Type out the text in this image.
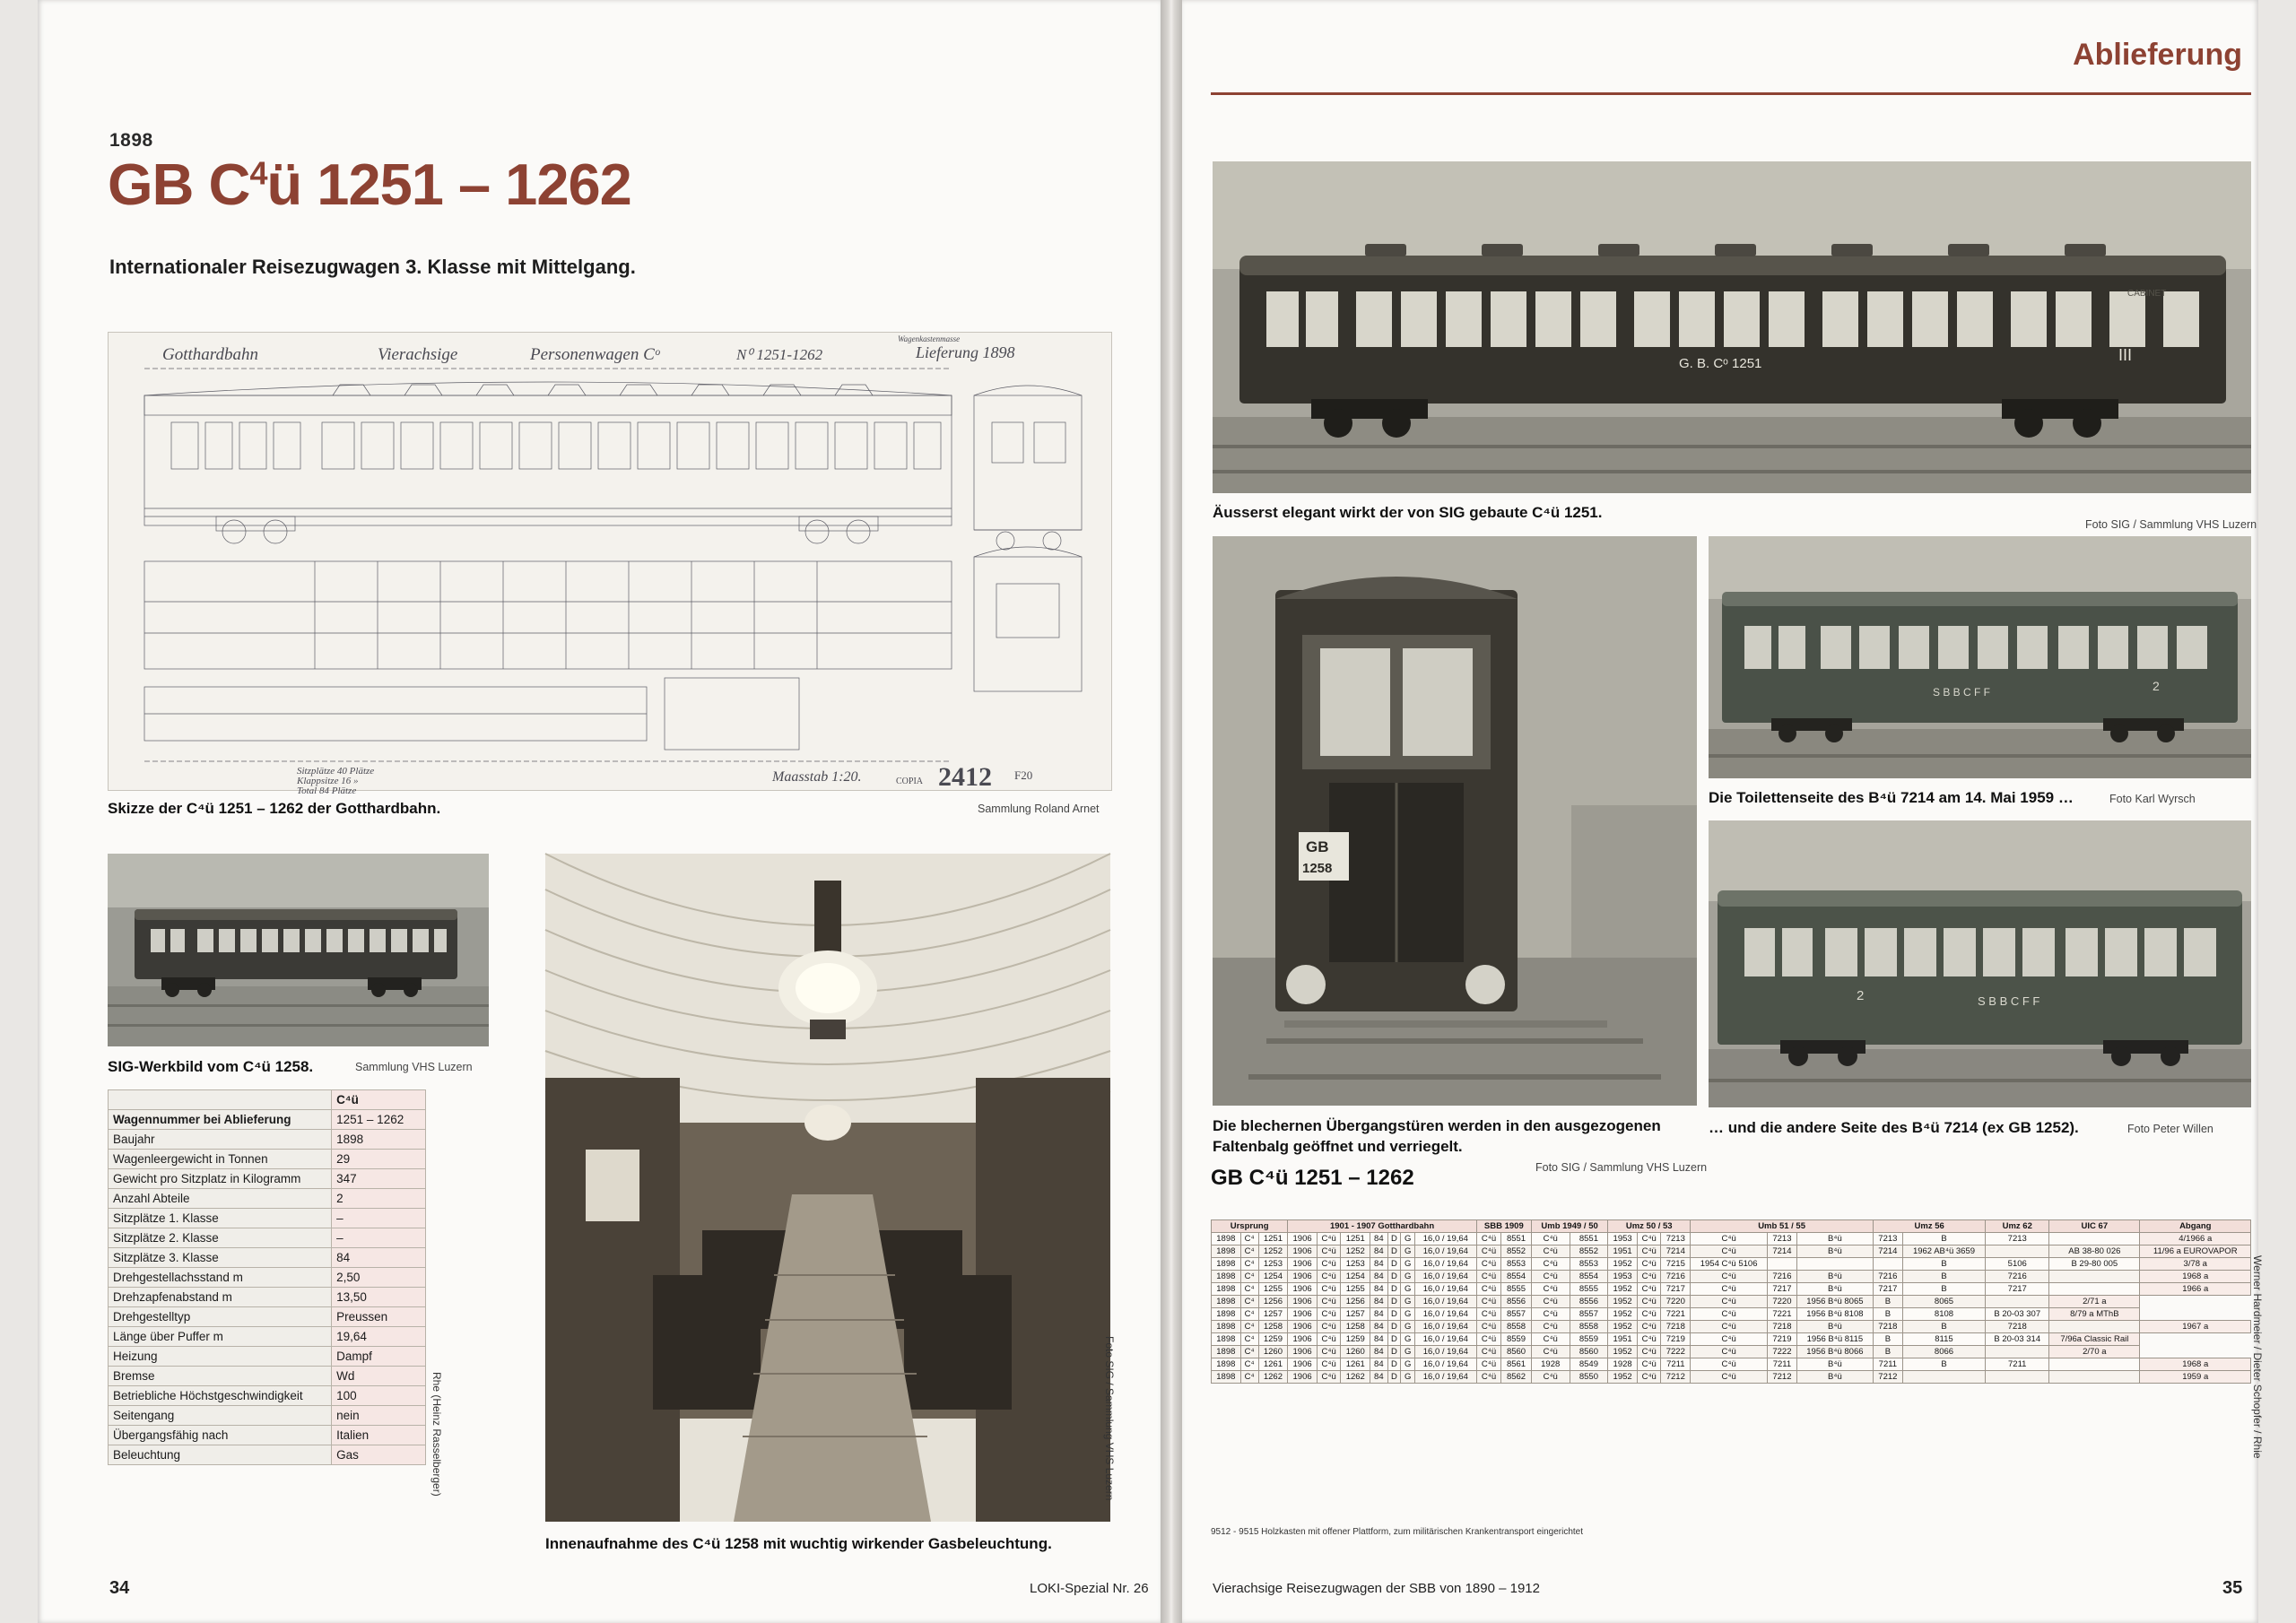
1898
GB $C^4ü$ 1251 – 1262
Internationaler Reisezugwagen 3. Klasse mit Mittelgang.
Gotthardbahn	Vierachsige	Personenwagen Cᵒ	N⁰ 1251-1262	Lieferung 1898
Wagenkastenmasse
Sitzplätze 40 Plätze
Klappsitze 16 »
Total 84 Plätze
Maasstab 1:20.	COPIA 2412 F20
Skizze der C⁴ü 1251 – 1262 der Gotthardbahn.	Sammlung Roland Arnet
SIG-Werkbild vom C⁴ü 1258.	Sammlung VHS Luzern
Innenaufnahme des C⁴ü 1258 mit wuchtig wirkender Gasbeleuchtung.
Foto SIG / Sammlung VHS Luzern
	C⁴ü
Wagennummer bei Ablieferung	1251 – 1262
Baujahr	1898
Wagenleergewicht in Tonnen	29
Gewicht pro Sitzplatz in Kilogramm	347
Anzahl Abteile	2
Sitzplätze 1. Klasse	–
Sitzplätze 2. Klasse	–
Sitzplätze 3. Klasse	84
Drehgestellachsstand m	2,50
Drehzapfenabstand m	13,50
Drehgestelltyp	Preussen
Länge über Puffer m	19,64
Heizung	Dampf
Bremse	Wd
Betriebliche Höchstgeschwindigkeit	100
Seitengang	nein
Übergangsfähig nach	Italien
Beleuchtung	Gas	Rhe (Heinz Rasselberger)
34	LOKI-Spezial Nr. 26
Ablieferung
G. B. Cᵒ 1251	III
CABINET
Äusserst elegant wirkt der von SIG gebaute C⁴ü 1251.
Foto SIG / Sammlung VHS Luzern
GB
1258
Die blechernen Übergangstüren werden in den ausgezogenen Faltenbalg geöffnet und verriegelt.
Foto SIG / Sammlung VHS Luzern
S B B C F F	2
Die Toilettenseite des B⁴ü 7214 am 14. Mai 1959 …	Foto Karl Wyrsch
S B B C F F
2
… und die andere Seite des B⁴ü 7214 (ex GB 1252).	Foto Peter Willen
GB C⁴ü 1251 – 1262
Ursprung			1901 - 1907 Gotthardbahn							SBB 1909		Umb 1949 / 50		Umz 50 / 53			Umb 51 / 55			Umz 56		Umz 62	UIC 67	Abgang
1898	C⁴	1251	1906	C⁴ü	1251	84	D	G	16,0 / 19,64	C⁴ü	8551	C⁴ü	8551	1953	C⁴ü	7213	C⁴ü	7213	B⁴ü	7213	B	7213		4/1966 a
1898	C⁴	1252	1906	C⁴ü	1252	84	D	G	16,0 / 19,64	C⁴ü	8552	C⁴ü	8552	1951	C⁴ü	7214	C⁴ü	7214	B⁴ü	7214	1962 AB⁴ü 3659		AB 38-80 026	11/96 a EUROVAPOR
1898	C⁴	1253	1906	C⁴ü	1253	84	D	G	16,0 / 19,64	C⁴ü	8553	C⁴ü	8553	1952	C⁴ü	7215	1954 C⁴ü 5106				B	5106	B 29-80 005	3/78 a
1898	C⁴	1254	1906	C⁴ü	1254	84	D	G	16,0 / 19,64	C⁴ü	8554	C⁴ü	8554	1953	C⁴ü	7216	C⁴ü	7216	B⁴ü	7216	B	7216		1968 a
1898	C⁴	1255	1906	C⁴ü	1255	84	D	G	16,0 / 19,64	C⁴ü	8555	C⁴ü	8555	1952	C⁴ü	7217	C⁴ü	7217	B⁴ü	7217	B	7217		1966 a
1898	C⁴	1256	1906	C⁴ü	1256	84	D	G	16,0 / 19,64	C⁴ü	8556	C⁴ü	8556	1952	C⁴ü	7220	C⁴ü	7220	1956 B⁴ü 8065	B	8065		2/71 a	
1898	C⁴	1257	1906	C⁴ü	1257	84	D	G	16,0 / 19,64	C⁴ü	8557	C⁴ü	8557	1952	C⁴ü	7221	C⁴ü	7221	1956 B⁴ü 8108	B	8108	B 20-03 307	8/79 a MThB	
1898	C⁴	1258	1906	C⁴ü	1258	84	D	G	16,0 / 19,64	C⁴ü	8558	C⁴ü	8558	1952	C⁴ü	7218	C⁴ü	7218	B⁴ü	7218	B	7218		1967 a
1898	C⁴	1259	1906	C⁴ü	1259	84	D	G	16,0 / 19,64	C⁴ü	8559	C⁴ü	8559	1951	C⁴ü	7219	C⁴ü	7219	1956 B⁴ü 8115	B	8115	B 20-03 314	7/96a Classic Rail	
1898	C⁴	1260	1906	C⁴ü	1260	84	D	G	16,0 / 19,64	C⁴ü	8560	C⁴ü	8560	1952	C⁴ü	7222	C⁴ü	7222	1956 B⁴ü 8066	B	8066		2/70 a	
1898	C⁴	1261	1906	C⁴ü	1261	84	D	G	16,0 / 19,64	C⁴ü	8561	1928	8549	1928	C⁴ü	7211	C⁴ü	7211	B⁴ü	7211	B	7211		1968 a
1898	C⁴	1262	1906	C⁴ü	1262	84	D	G	16,0 / 19,64	C⁴ü	8562	C⁴ü	8550	1952	C⁴ü	7212	C⁴ü	7212	B⁴ü	7212				1959 a
9512 - 9515 Holzkasten mit offener Plattform, zum militärischen Krankentransport eingerichtet
Werner Hardmeier / Dieter Schopfer / Rhie
Vierachsige Reisezugwagen der SBB von 1890 – 1912	35
